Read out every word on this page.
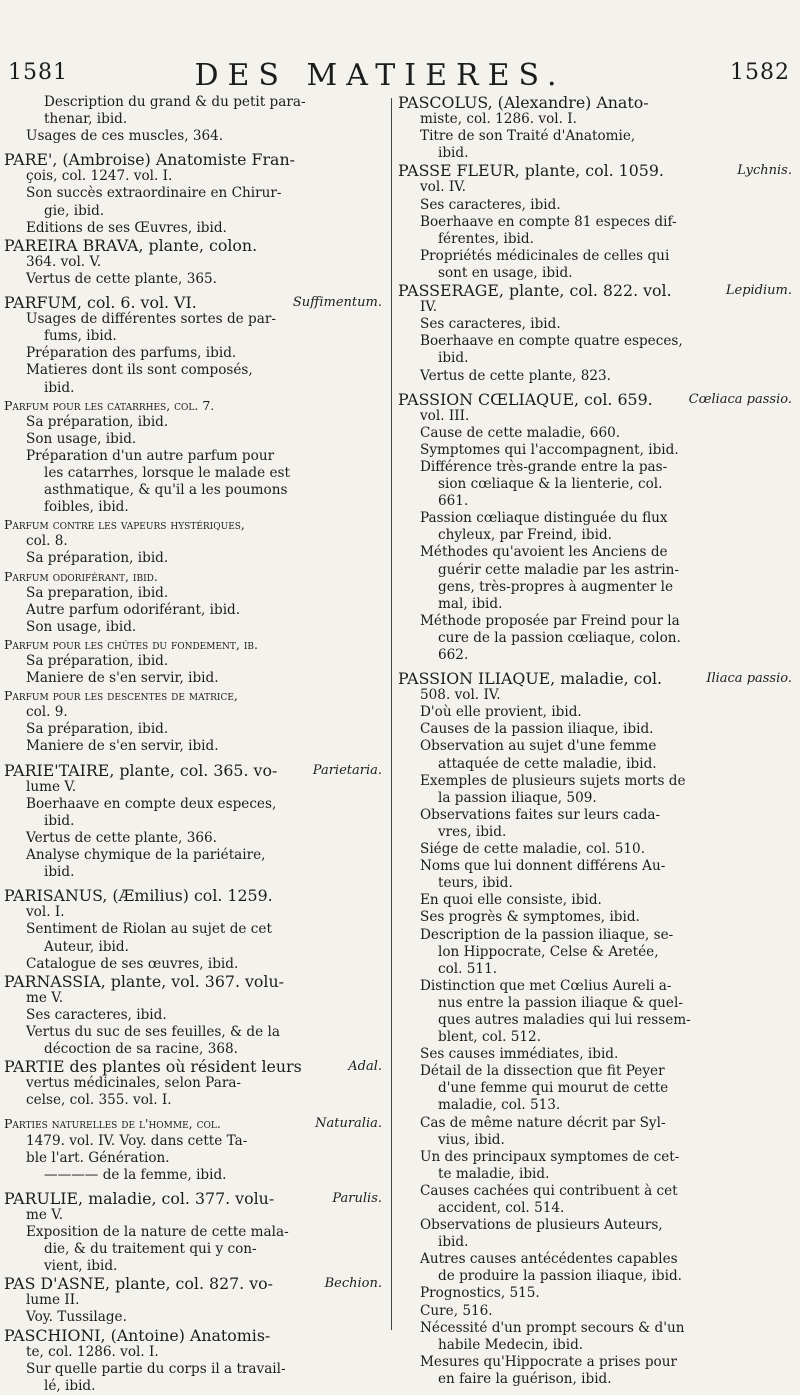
1581	DES MATIERES.	1582
Description du grand & du petit para-
thenar, ibid.
Usages de ces muscles, 364.
PARE', (Ambroise) Anatomiste Fran-
çois, col. 1247. vol. I.
Son succès extraordinaire en Chirur-
gie, ibid.
Editions de ses Œuvres, ibid.
PAREIRA BRAVA, plante, colon.
364. vol. V.
Vertus de cette plante, 365.
PARFUM, col. 6. vol. VI.	Suffimentum.
Usages de différentes sortes de par-
fums, ibid.
Préparation des parfums, ibid.
Matieres dont ils sont composés,
ibid.
Parfum pour les catarrhes, col. 7.
Sa préparation, ibid.
Son usage, ibid.
Préparation d'un autre parfum pour
les catarrhes, lorsque le malade est
asthmatique, & qu'il a les poumons
foibles, ibid.
Parfum contre les vapeurs hystériques,
col. 8.
Sa préparation, ibid.
Parfum odoriférant, ibid.
Sa preparation, ibid.
Autre parfum odoriférant, ibid.
Son usage, ibid.
Parfum pour les chûtes du fondement, ib.
Sa préparation, ibid.
Maniere de s'en servir, ibid.
Parfum pour les descentes de matrice,
col. 9.
Sa préparation, ibid.
Maniere de s'en servir, ibid.
PARIE'TAIRE, plante, col. 365. vo-	Parietaria.
lume V.
Boerhaave en compte deux especes,
ibid.
Vertus de cette plante, 366.
Analyse chymique de la pariétaire,
ibid.
PARISANUS, (Æmilius) col. 1259.
vol. I.
Sentiment de Riolan au sujet de cet
Auteur, ibid.
Catalogue de ses œuvres, ibid.
PARNASSIA, plante, vol. 367. volu-
me V.
Ses caracteres, ibid.
Vertus du suc de ses feuilles, & de la
décoction de sa racine, 368.
PARTIE des plantes où résident leurs	Adal.
vertus médicinales, selon Para-
celse, col. 355. vol. I.
Parties naturelles de l'homme, col.	Naturalia.
1479. vol. IV. Voy. dans cette Ta-
ble l'art. Génération.
———— de la femme, ibid.
PARULIE, maladie, col. 377. volu-	Parulis.
me V.
Exposition de la nature de cette mala-
die, & du traitement qui y con-
vient, ibid.
PAS D'ASNE, plante, col. 827. vo-	Bechion.
lume II.
Voy. Tussilage.
PASCHIONI, (Antoine) Anatomis-
te, col. 1286. vol. I.
Sur quelle partie du corps il a travail-
lé, ibid.
PASCOLUS, (Alexandre) Anato-
miste, col. 1286. vol. I.
Titre de son Traité d'Anatomie,
ibid.
PASSE FLEUR, plante, col. 1059.	Lychnis.
vol. IV.
Ses caracteres, ibid.
Boerhaave en compte 81 especes dif-
férentes, ibid.
Propriétés médicinales de celles qui
sont en usage, ibid.
PASSERAGE, plante, col. 822. vol.	Lepidium.
IV.
Ses caracteres, ibid.
Boerhaave en compte quatre especes,
ibid.
Vertus de cette plante, 823.
PASSION CŒLIAQUE, col. 659.	Cœliaca passio.
vol. III.
Cause de cette maladie, 660.
Symptomes qui l'accompagnent, ibid.
Différence très-grande entre la pas-
sion cœliaque & la lienterie, col.
661.
Passion cœliaque distinguée du flux
chyleux, par Freind, ibid.
Méthodes qu'avoient les Anciens de
guérir cette maladie par les astrin-
gens, très-propres à augmenter le
mal, ibid.
Méthode proposée par Freind pour la
cure de la passion cœliaque, colon.
662.
PASSION ILIAQUE, maladie, col.	Iliaca passio.
508. vol. IV.
D'où elle provient, ibid.
Causes de la passion iliaque, ibid.
Observation au sujet d'une femme
attaquée de cette maladie, ibid.
Exemples de plusieurs sujets morts de
la passion iliaque, 509.
Observations faites sur leurs cada-
vres, ibid.
Siége de cette maladie, col. 510.
Noms que lui donnent différens Au-
teurs, ibid.
En quoi elle consiste, ibid.
Ses progrès & symptomes, ibid.
Description de la passion iliaque, se-
lon Hippocrate, Celse & Aretée,
col. 511.
Distinction que met Cœlius Aureli a-
nus entre la passion iliaque & quel-
ques autres maladies qui lui ressem-
blent, col. 512.
Ses causes immédiates, ibid.
Détail de la dissection que fit Peyer
d'une femme qui mourut de cette
maladie, col. 513.
Cas de même nature décrit par Syl-
vius, ibid.
Un des principaux symptomes de cet-
te maladie, ibid.
Causes cachées qui contribuent à cet
accident, col. 514.
Observations de plusieurs Auteurs,
ibid.
Autres causes antécédentes capables
de produire la passion iliaque, ibid.
Prognostics, 515.
Cure, 516.
Nécessité d'un prompt secours & d'un
habile Medecin, ibid.
Mesures qu'Hippocrate a prises pour
en faire la guérison, ibid.
